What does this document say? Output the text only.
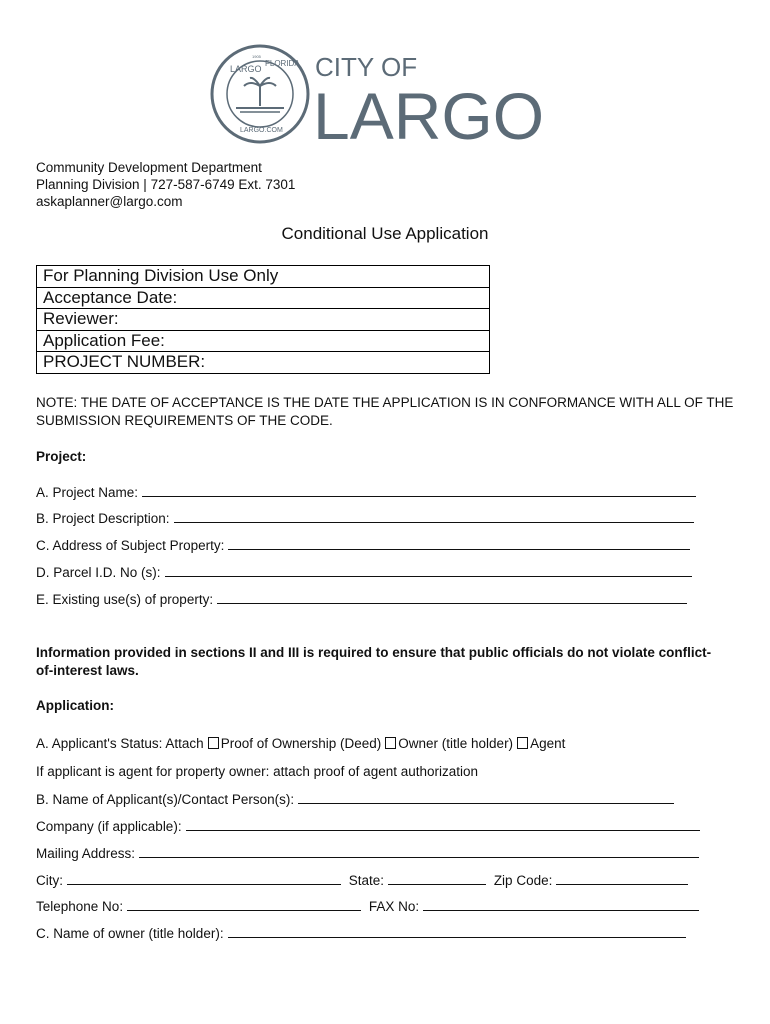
LARGO
1905
FLORIDA
LARGO.COM
CITY OF
LARGO
Community Development Department
Planning Division | 727-587-6749 Ext. 7301
askaplanner@largo.com
Conditional Use Application
For Planning Division Use Only
Acceptance Date:
Reviewer:
Application Fee:
PROJECT NUMBER:
NOTE: THE DATE OF ACCEPTANCE IS THE DATE THE APPLICATION IS IN CONFORMANCE WITH ALL OF THE SUBMISSION REQUIREMENTS OF THE CODE.
Project:
A. Project Name:
B. Project Description:
C. Address of Subject Property:
D. Parcel I.D. No (s):
E. Existing use(s) of property:
Information provided in sections II and III is required to ensure that public officials do not violate conflict-of-interest laws.
Application:
A. Applicant's Status: Attach Proof of Ownership (Deed) Owner (title holder) Agent
If applicant is agent for property owner: attach proof of agent authorization
B. Name of Applicant(s)/Contact Person(s):
Company (if applicable):
Mailing Address:
City:	State:	Zip Code:
Telephone No:	FAX No:
C. Name of owner (title holder):
